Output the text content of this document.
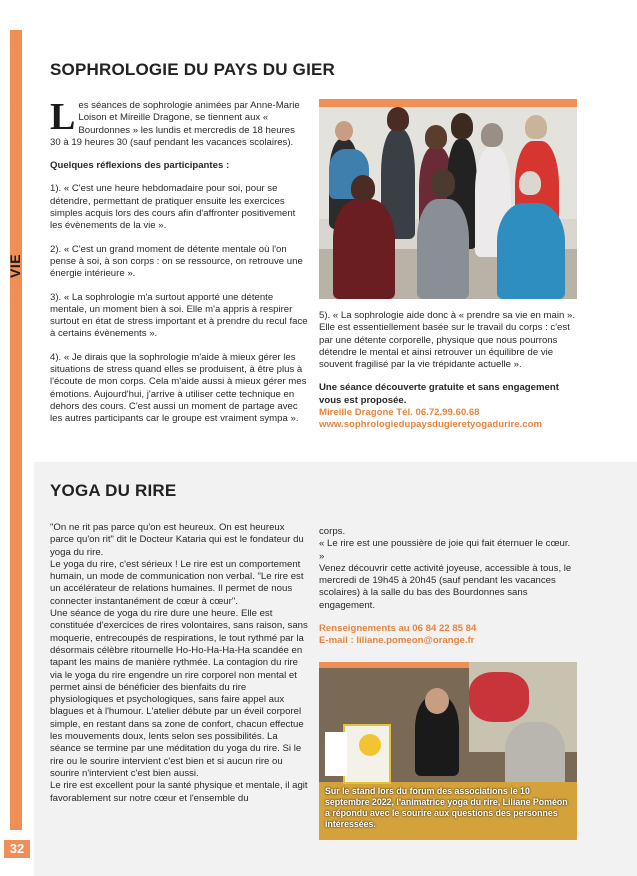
VIE ASSOCIATIVE & SPORTIVE
32
SOPHROLOGIE DU PAYS DU GIER

Les séances de sophrologie animées par Anne-Marie Loison et Mireille Dragone, se tiennent aux « Bourdonnes » les lundis et mercredis de 18 heures 30 à 19 heures 30 (sauf pendant les vacances scolaires).

Quelques réflexions des participantes :

1). « C'est une heure hebdomadaire pour soi, pour se détendre, permettant de pratiquer ensuite les exercices simples acquis lors des cours afin d'affronter positivement les évènements de la vie ».

2). « C'est un grand moment de détente mentale où l'on pense à soi, à son corps : on se ressource, on retrouve une énergie intérieure ».

3). « La sophrologie m'a surtout apporté une détente mentale, un moment bien à soi. Elle m'a appris à respirer surtout en état de stress important et à prendre du recul face à certains évènements ».

4). « Je dirais que la sophrologie m'aide à mieux gérer les situations de stress quand elles se produisent, à être plus à l'écoute de mon corps. Cela m'aide aussi à mieux gérer mes émotions. Aujourd'hui, j'arrive à utiliser cette technique en dehors des cours. C'est aussi un moment de partage avec les autres participants car le groupe est vraiment sympa ».

5). « La sophrologie aide donc à « prendre sa vie en main ». Elle est essentiellement basée sur le travail du corps : c'est par une détente corporelle, physique que nous pourrons détendre le mental et ainsi retrouver un équilibre de vie souvent fragilisé par la vie trépidante actuelle ».

Une séance découverte gratuite et sans engagement vous est proposée.

Mireille Dragone Tél. 06.72.99.60.68

www.sophrologiedupaysdugieretyogadurire.com

YOGA DU RIRE

"On ne rit pas parce qu'on est heureux. On est heureux parce qu'on rit" dit le Docteur Kataria qui est le fondateur du yoga du rire.

Le yoga du rire, c'est sérieux ! Le rire est un comportement humain, un mode de communication non verbal. "Le rire est un accélérateur de relations humaines. Il permet de nous connecter instantanément de cœur à cœur".

Une séance de yoga du rire dure une heure. Elle est constituée d'exercices de rires volontaires, sans raison, sans moquerie, entrecoupés de respirations, le tout rythmé par la désormais célèbre ritournelle Ho-Ho-Ha-Ha-Ha scandée en tapant les mains de manière rythmée. La contagion du rire via le yoga du rire engendre un rire corporel non mental et permet ainsi de bénéficier des bienfaits du rire physiologiques et psychologiques, sans faire appel aux blagues et à l'humour. L'atelier débute par un éveil corporel simple, en restant dans sa zone de confort, chacun effectue les mouvements doux, lents selon ses possibilités. La séance se termine par une méditation du yoga du rire. Si le rire ou le sourire intervient c'est bien et si aucun rire ou sourire n'intervient c'est bien aussi.

Le rire est excellent pour la santé physique et mentale, il agit favorablement sur notre cœur et l'ensemble du

corps.

« Le rire est une poussière de joie qui fait éternuer le cœur. »

Venez découvrir cette activité joyeuse, accessible à tous, le mercredi de 19h45 à 20h45 (sauf pendant les vacances scolaires) à la salle du bas des Bourdonnes sans engagement.

Renseignements au 06 84 22 85 84

E-mail : liliane.pomeon@orange.fr

Sur le stand lors du forum des associations le 10 septembre 2022, l'animatrice yoga du rire, Liliane Poméon a répondu avec le sourire aux questions des personnes intéressées.
